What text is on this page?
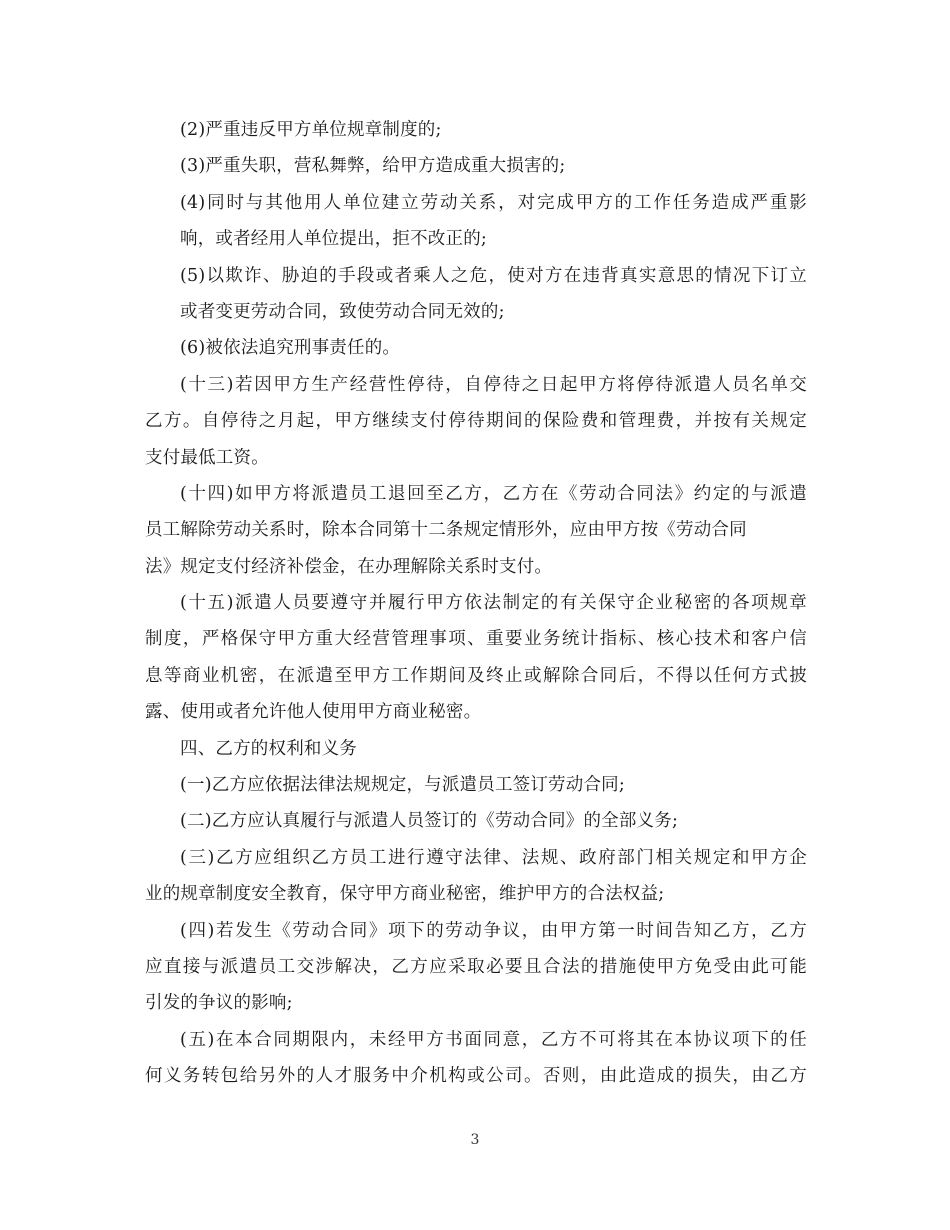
(2)严重违反甲方单位规章制度的;
(3)严重失职，营私舞弊，给甲方造成重大损害的;
(4)同时与其他用人单位建立劳动关系，对完成甲方的工作任务造成严重影
响，或者经用人单位提出，拒不改正的;
(5)以欺诈、胁迫的手段或者乘人之危，使对方在违背真实意思的情况下订立
或者变更劳动合同，致使劳动合同无效的;
(6)被依法追究刑事责任的。
(十三)若因甲方生产经营性停待，自停待之日起甲方将停待派遣人员名单交
乙方。自停待之月起，甲方继续支付停待期间的保险费和管理费，并按有关规定
支付最低工资。
(十四)如甲方将派遣员工退回至乙方，乙方在《劳动合同法》约定的与派遣
员工解除劳动关系时，除本合同第十二条规定情形外，应由甲方按《劳动合同
法》规定支付经济补偿金，在办理解除关系时支付。
(十五)派遣人员要遵守并履行甲方依法制定的有关保守企业秘密的各项规章
制度，严格保守甲方重大经营管理事项、重要业务统计指标、核心技术和客户信
息等商业机密，在派遣至甲方工作期间及终止或解除合同后，不得以任何方式披
露、使用或者允许他人使用甲方商业秘密。
四、乙方的权利和义务
(一)乙方应依据法律法规规定，与派遣员工签订劳动合同;
(二)乙方应认真履行与派遣人员签订的《劳动合同》的全部义务;
(三)乙方应组织乙方员工进行遵守法律、法规、政府部门相关规定和甲方企
业的规章制度安全教育，保守甲方商业秘密，维护甲方的合法权益;
(四)若发生《劳动合同》项下的劳动争议，由甲方第一时间告知乙方，乙方
应直接与派遣员工交涉解决，乙方应采取必要且合法的措施使甲方免受由此可能
引发的争议的影响;
(五)在本合同期限内，未经甲方书面同意，乙方不可将其在本协议项下的任
何义务转包给另外的人才服务中介机构或公司。否则，由此造成的损失，由乙方
3
